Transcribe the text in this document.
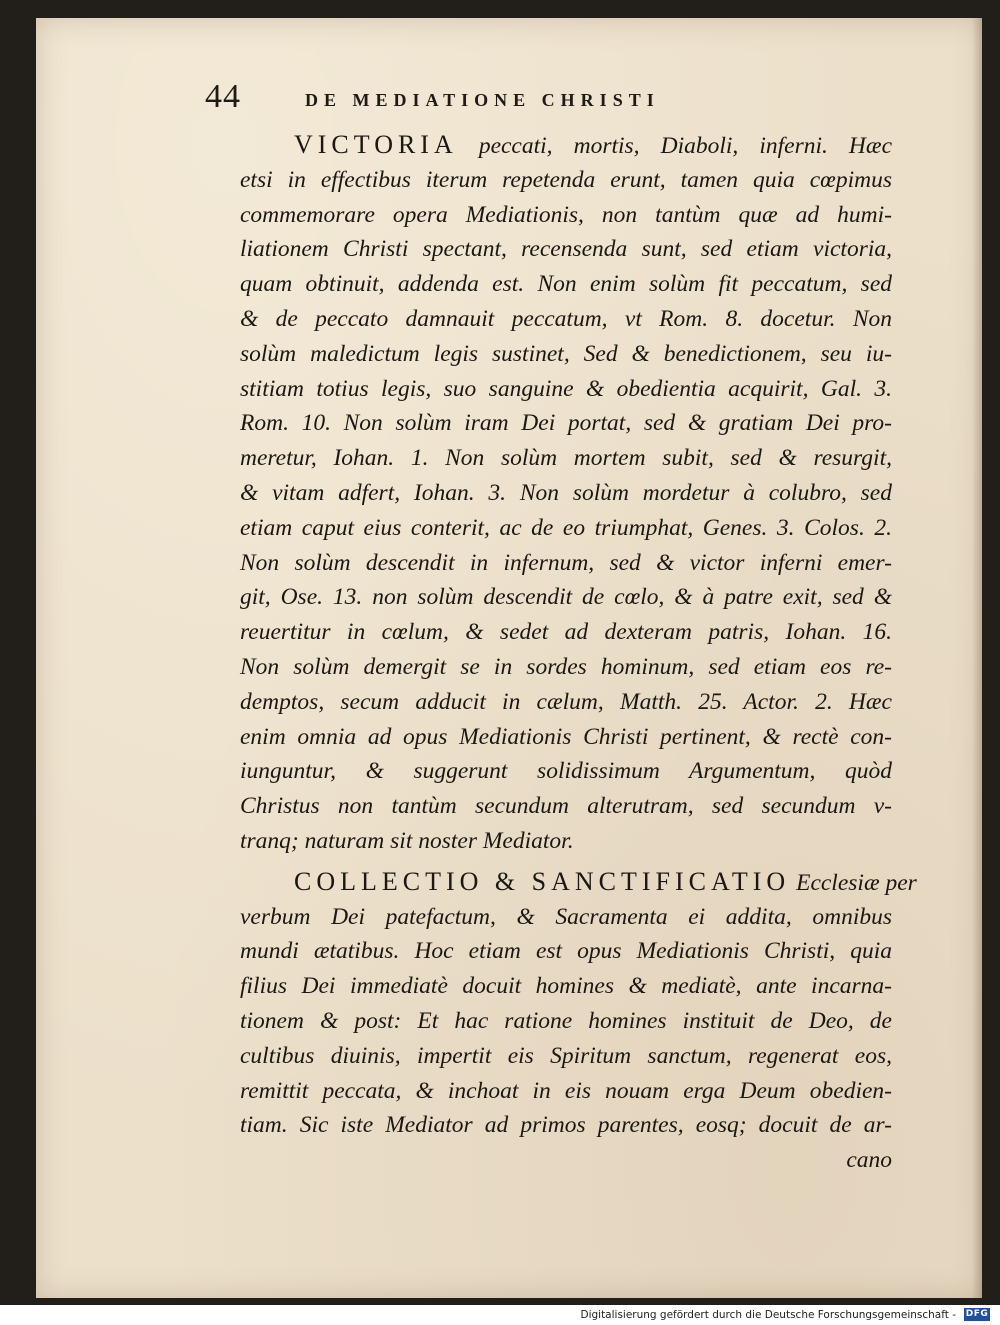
44	DE MEDIATIONE CHRISTI
VICTORIA peccati, mortis, Diaboli, inferni. Hæc
etsi in effectibus iterum repetenda erunt, tamen quia cœpimus
commemorare opera Mediationis, non tantùm quæ ad humi-
liationem Christi spectant, recensenda sunt, sed etiam victoria,
quam obtinuit, addenda est. Non enim solùm fit peccatum, sed
& de peccato damnauit peccatum, vt Rom. 8. docetur. Non
solùm maledictum legis sustinet, Sed & benedictionem, seu iu-
stitiam totius legis, suo sanguine & obedientia acquirit, Gal. 3.
Rom. 10. Non solùm iram Dei portat, sed & gratiam Dei pro-
meretur, Iohan. 1. Non solùm mortem subit, sed & resurgit,
& vitam adfert, Iohan. 3. Non solùm mordetur à colubro, sed
etiam caput eius conterit, ac de eo triumphat, Genes. 3. Colos. 2.
Non solùm descendit in infernum, sed & victor inferni emer-
git, Ose. 13. non solùm descendit de cœlo, & à patre exit, sed &
reuertitur in cœlum, & sedet ad dexteram patris, Iohan. 16.
Non solùm demergit se in sordes hominum, sed etiam eos re-
demptos, secum adducit in cælum, Matth. 25. Actor. 2. Hæc
enim omnia ad opus Mediationis Christi pertinent, & rectè con-
iunguntur, & suggerunt solidissimum Argumentum, quòd
Christus non tantùm secundum alterutram, sed secundum v-
tranq; naturam sit noster Mediator.
COLLECTIO & SANCTIFICATIO Ecclesiæ per
verbum Dei patefactum, & Sacramenta ei addita, omnibus
mundi ætatibus. Hoc etiam est opus Mediationis Christi, quia
filius Dei immediatè docuit homines & mediatè, ante incarna-
tionem & post: Et hac ratione homines instituit de Deo, de
cultibus diuinis, impertit eis Spiritum sanctum, regenerat eos,
remittit peccata, & inchoat in eis nouam erga Deum obedien-
tiam. Sic iste Mediator ad primos parentes, eosq; docuit de ar-
cano
Digitalisierung gefördert durch die Deutsche Forschungsgemeinschaft - DFG
